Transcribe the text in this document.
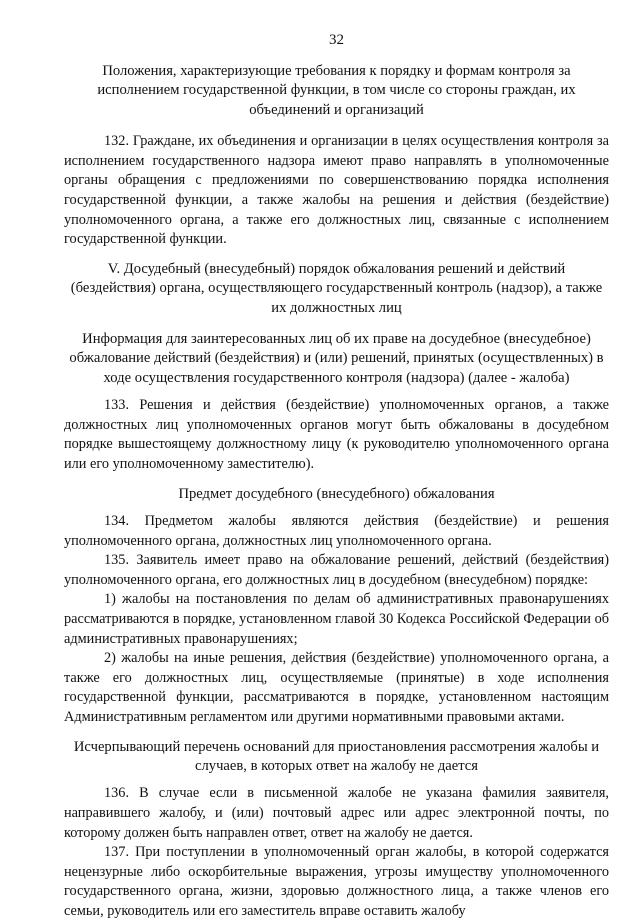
32
Положения, характеризующие требования к порядку и формам контроля за исполнением государственной функции, в том числе со стороны граждан, их объединений и организаций

132. Граждане, их объединения и организации в целях осуществления контроля за исполнением государственного надзора имеют право направлять в уполномоченные органы обращения с предложениями по совершенствованию порядка исполнения государственной функции, а также жалобы на решения и действия (бездействие) уполномоченного органа, а также его должностных лиц, связанные с исполнением государственной функции.

V. Досудебный (внесудебный) порядок обжалования решений и действий (бездействия) органа, осуществляющего государственный контроль (надзор), а также их должностных лиц
Информация для заинтересованных лиц об их праве на досудебное (внесудебное) обжалование действий (бездействия) и (или) решений, принятых (осуществленных) в ходе осуществления государственного контроля (надзора) (далее - жалоба)

133. Решения и действия (бездействие) уполномоченных органов, а также должностных лиц уполномоченных органов могут быть обжалованы в досудебном порядке вышестоящему должностному лицу (к руководителю уполномоченного органа или его уполномоченному заместителю).

Предмет досудебного (внесудебного) обжалования

134. Предметом жалобы являются действия (бездействие) и решения уполномоченного органа, должностных лиц уполномоченного органа.

135. Заявитель имеет право на обжалование решений, действий (бездействия) уполномоченного органа, его должностных лиц в досудебном (внесудебном) порядке:

1) жалобы на постановления по делам об административных правонарушениях рассматриваются в порядке, установленном главой 30 Кодекса Российской Федерации об административных правонарушениях;

2) жалобы на иные решения, действия (бездействие) уполномоченного органа, а также его должностных лиц, осуществляемые (принятые) в ходе исполнения государственной функции, рассматриваются в порядке, установленном настоящим Административным регламентом или другими нормативными правовыми актами.

Исчерпывающий перечень оснований для приостановления рассмотрения жалобы и случаев, в которых ответ на жалобу не дается

136. В случае если в письменной жалобе не указана фамилия заявителя, направившего жалобу, и (или) почтовый адрес или адрес электронной почты, по которому должен быть направлен ответ, ответ на жалобу не дается.

137. При поступлении в уполномоченный орган жалобы, в которой содержатся нецензурные либо оскорбительные выражения, угрозы имуществу уполномоченного государственного органа, жизни, здоровью должностного лица, а также членов его семьи, руководитель или его заместитель вправе оставить жалобу
